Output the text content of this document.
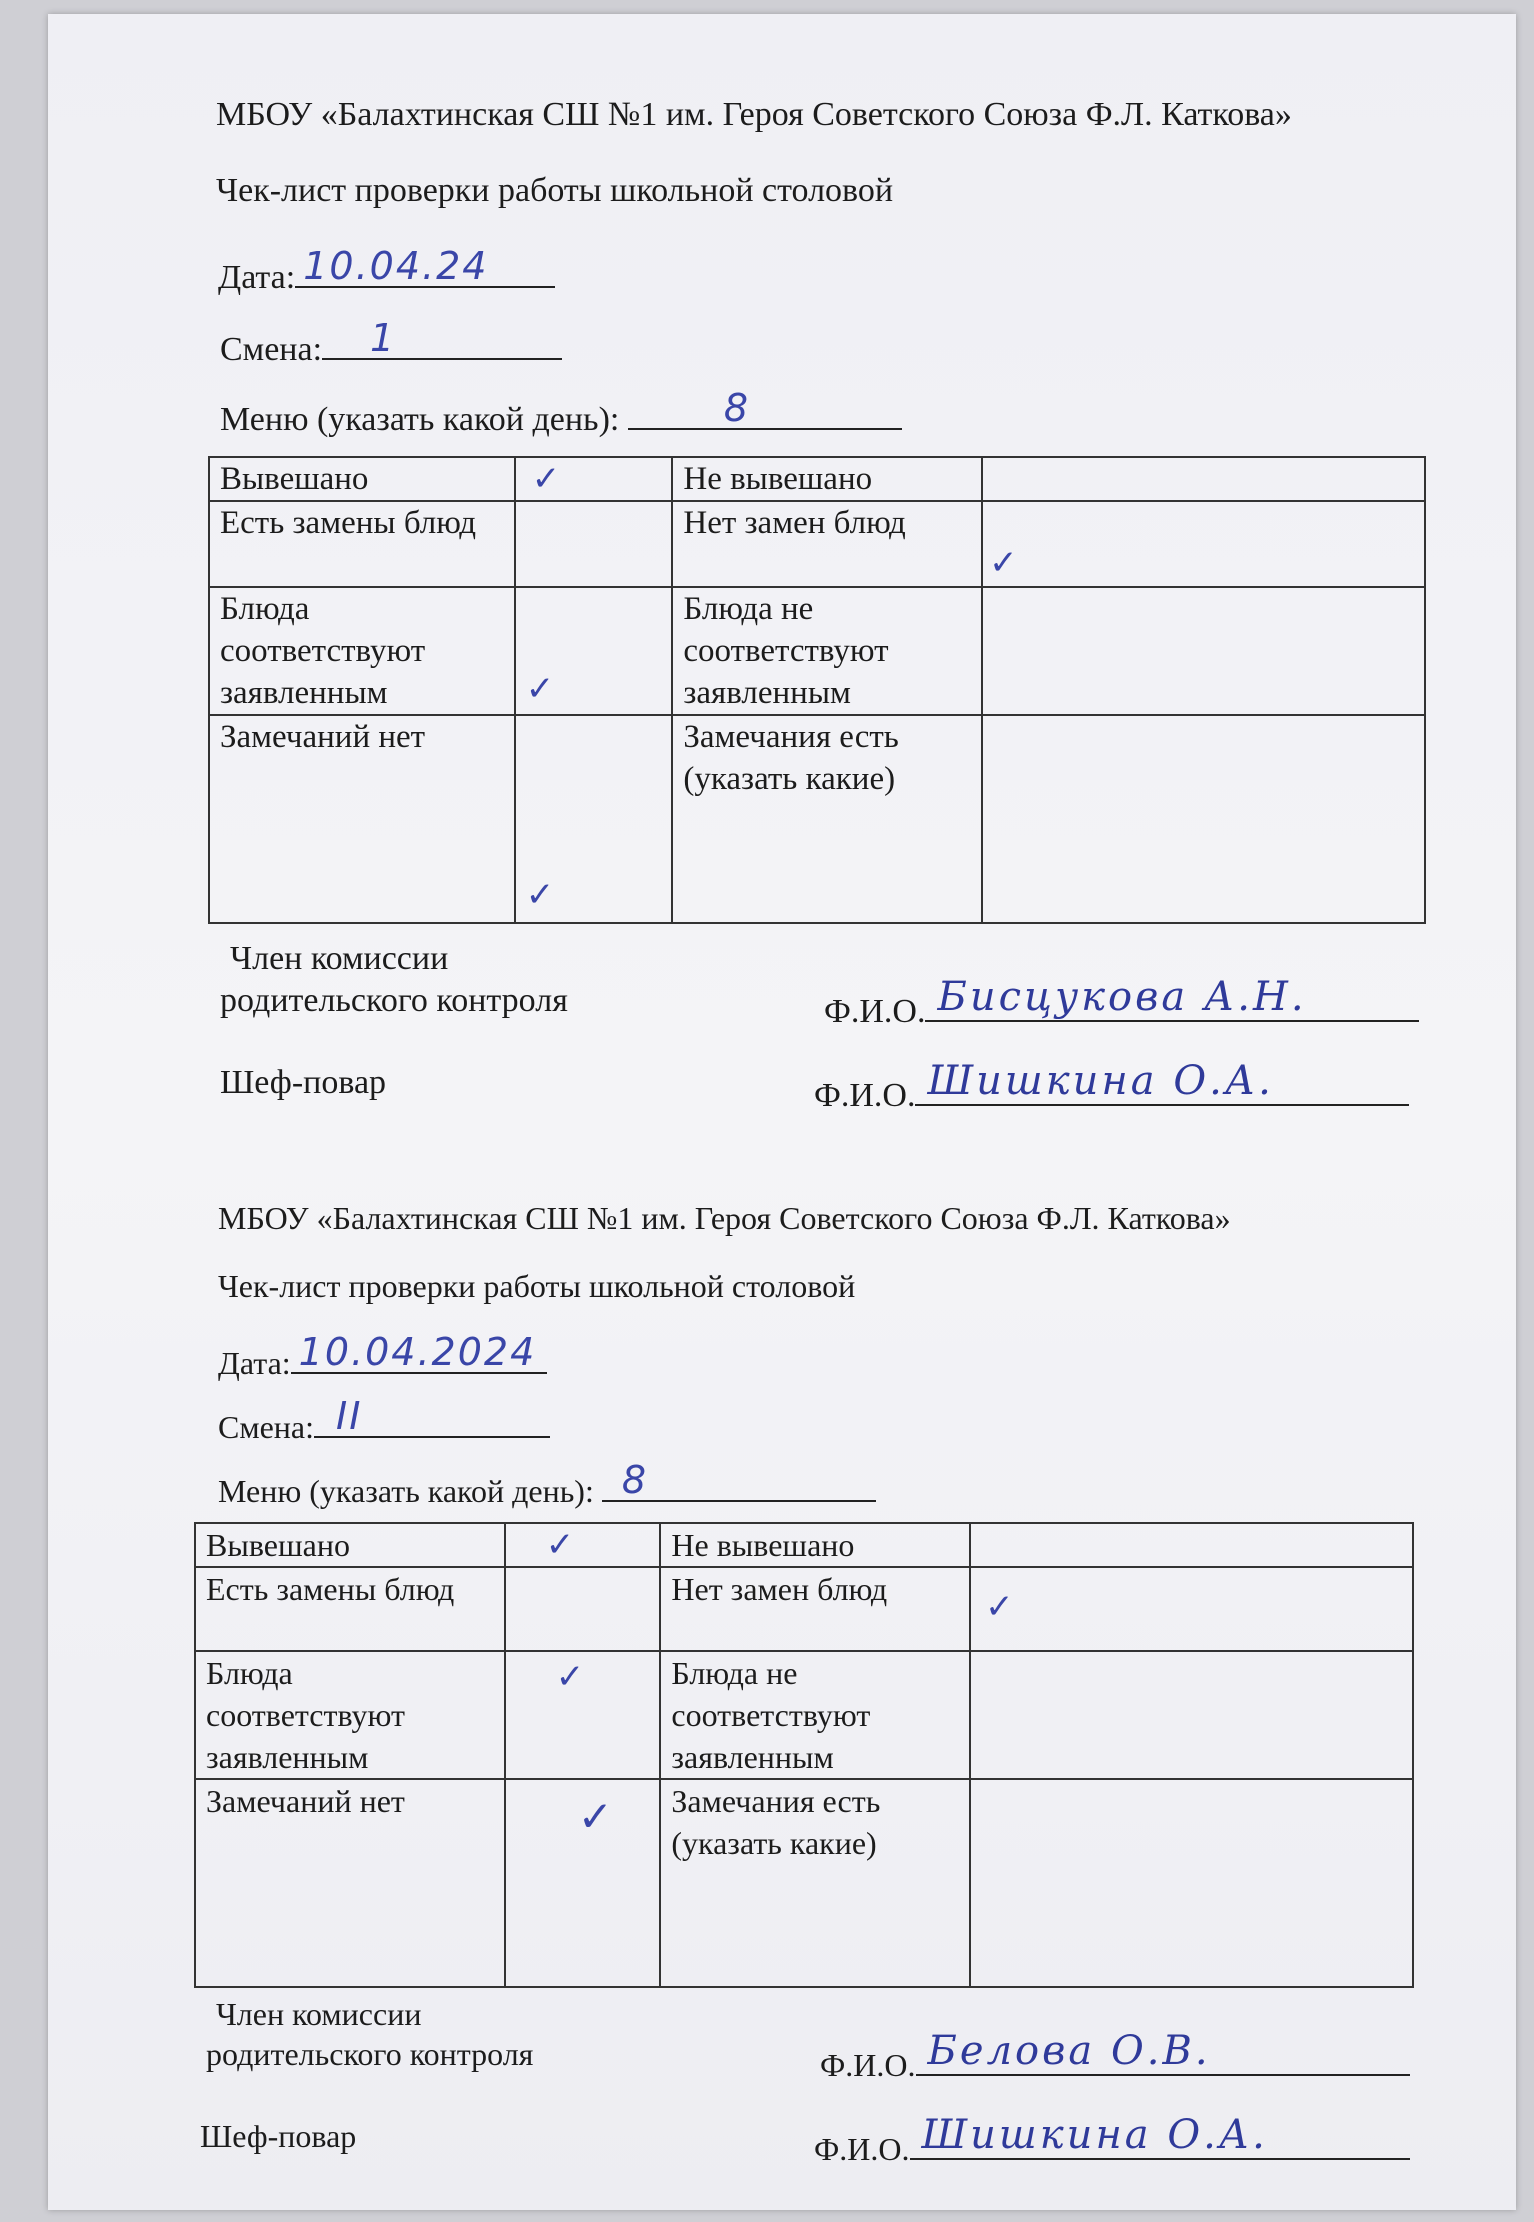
МБОУ «Балахтинская СШ №1 им. Героя Советского Союза Ф.Л. Каткова»
Чек-лист проверки работы школьной столовой
Дата: 10.04.24
Смена: 1
Меню (указать какой день):	8
Вывешано	✓	Не вывешано	

Есть замены блюд		Нет замен блюд	✓

Блюда соответствуют заявленным	✓	Блюда не соответствуют заявленным	

Замечаний нет	✓	Замечания есть (указать какие)	
Член комиссии
родительского контроля	Ф.И.О. Бисцукова А.Н.
Шеф-повар	Ф.И.О. Шишкина О.А.
МБОУ «Балахтинская СШ №1 им. Героя Советского Союза Ф.Л. Каткова»
Чек-лист проверки работы школьной столовой
Дата: 10.04.2024
Смена: II
Меню (указать какой день): 8
Вывешано	✓	Не вывешано	

Есть замены блюд		Нет замен блюд	✓

Блюда соответствуют заявленным	✓	Блюда не соответствуют заявленным	

Замечаний нет	✓	Замечания есть (указать какие)	
Член комиссии
родительского контроля	Ф.И.О. Белова О.В.
Шеф-повар	Ф.И.О. Шишкина О.А.
